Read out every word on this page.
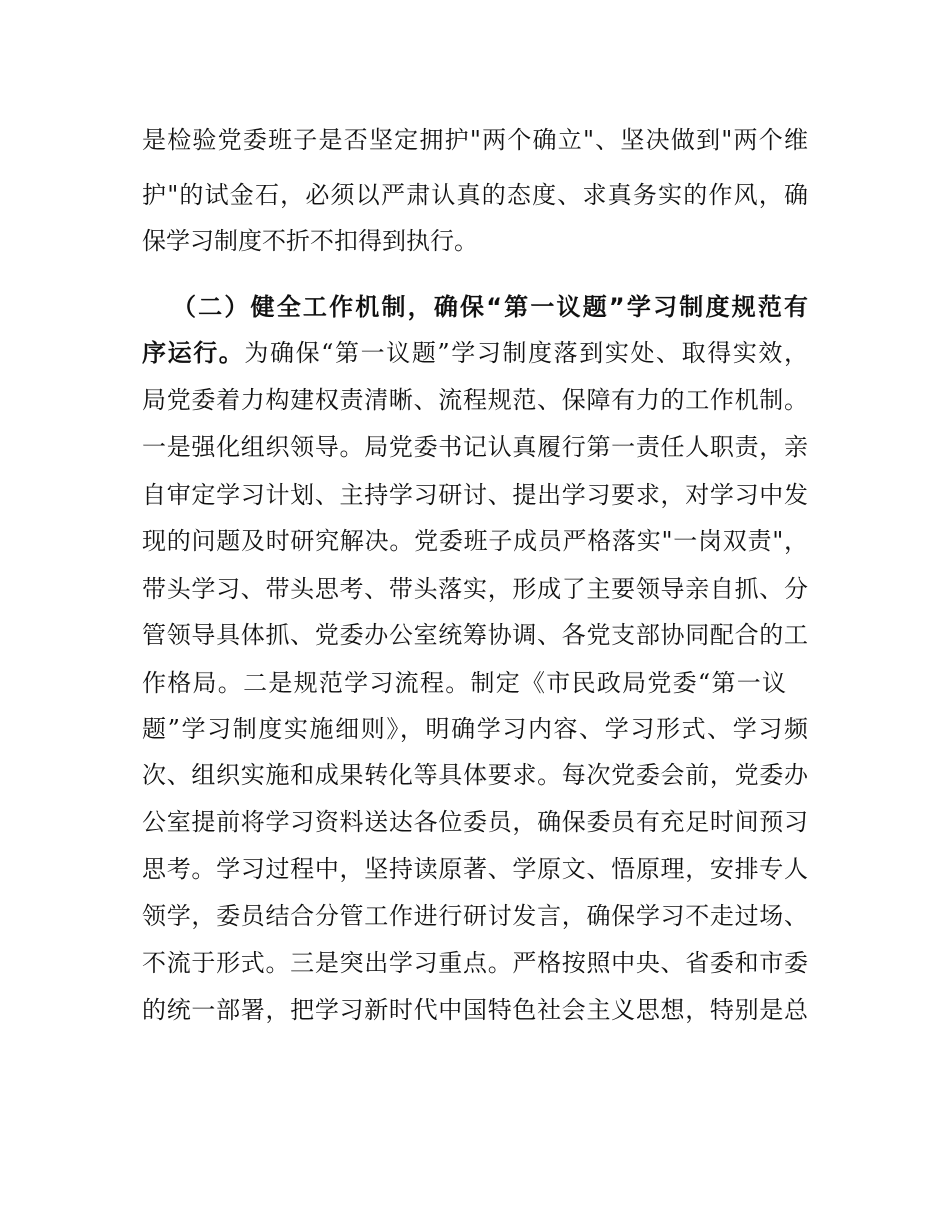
是检验党委班子是否坚定拥护"两个确立"、坚决做到"两个维
护"的试金石，必须以严肃认真的态度、求真务实的作风，确
保学习制度不折不扣得到执行。
（二）健全工作机制，确保“第一议题”学习制度规范有
序运行。为确保“第一议题”学习制度落到实处、取得实效，
局党委着力构建权责清晰、流程规范、保障有力的工作机制。
一是强化组织领导。局党委书记认真履行第一责任人职责，亲
自审定学习计划、主持学习研讨、提出学习要求，对学习中发
现的问题及时研究解决。党委班子成员严格落实"一岗双责"，
带头学习、带头思考、带头落实，形成了主要领导亲自抓、分
管领导具体抓、党委办公室统筹协调、各党支部协同配合的工
作格局。二是规范学习流程。制定《市民政局党委“第一议
题”学习制度实施细则》，明确学习内容、学习形式、学习频
次、组织实施和成果转化等具体要求。每次党委会前，党委办
公室提前将学习资料送达各位委员，确保委员有充足时间预习
思考。学习过程中，坚持读原著、学原文、悟原理，安排专人
领学，委员结合分管工作进行研讨发言，确保学习不走过场、
不流于形式。三是突出学习重点。严格按照中央、省委和市委
的统一部署，把学习新时代中国特色社会主义思想，特别是总
